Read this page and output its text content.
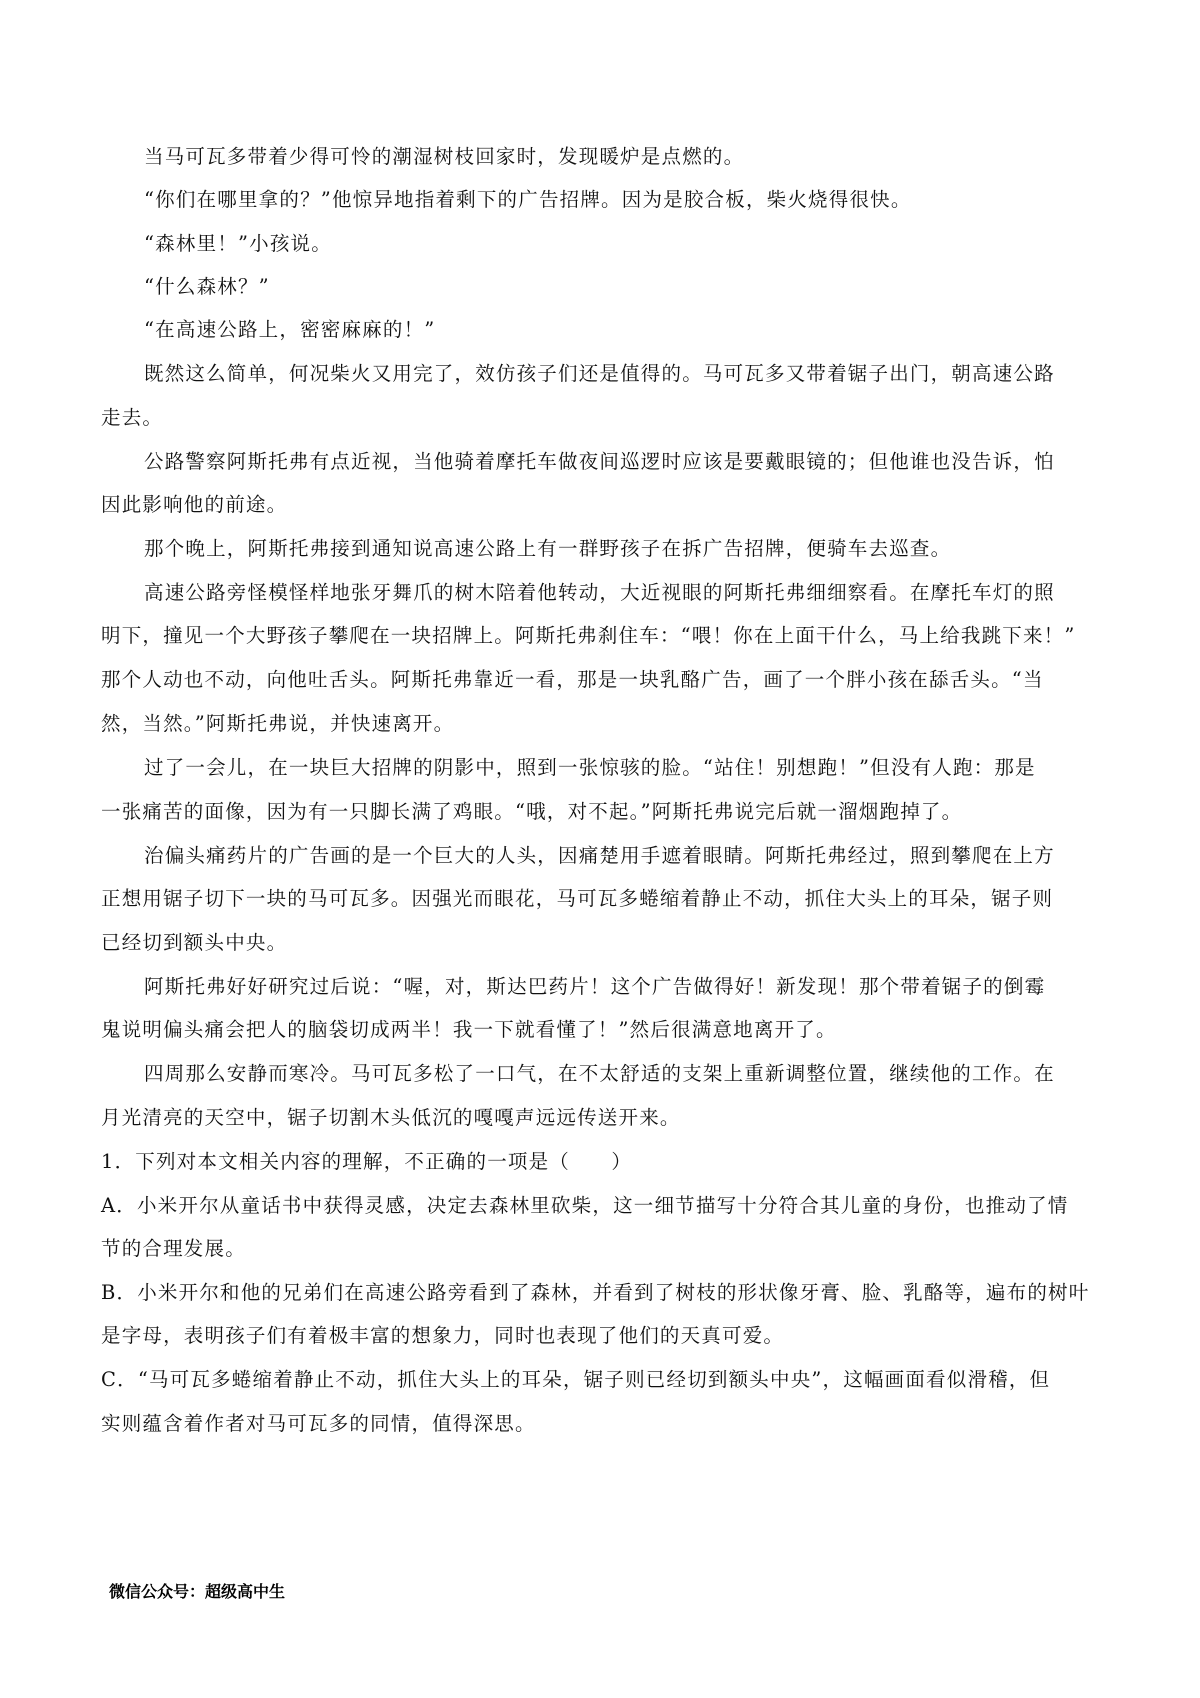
当马可瓦多带着少得可怜的潮湿树枝回家时，发现暖炉是点燃的。
“你们在哪里拿的？”他惊异地指着剩下的广告招牌。因为是胶合板，柴火烧得很快。
“森林里！”小孩说。
“什么森林？”
“在高速公路上，密密麻麻的！”
既然这么简单，何况柴火又用完了，效仿孩子们还是值得的。马可瓦多又带着锯子出门，朝高速公路
走去。
公路警察阿斯托弗有点近视，当他骑着摩托车做夜间巡逻时应该是要戴眼镜的；但他谁也没告诉，怕
因此影响他的前途。
那个晚上，阿斯托弗接到通知说高速公路上有一群野孩子在拆广告招牌，便骑车去巡查。
高速公路旁怪模怪样地张牙舞爪的树木陪着他转动，大近视眼的阿斯托弗细细察看。在摩托车灯的照
明下，撞见一个大野孩子攀爬在一块招牌上。阿斯托弗刹住车：“喂！你在上面干什么，马上给我跳下来！”
那个人动也不动，向他吐舌头。阿斯托弗靠近一看，那是一块乳酪广告，画了一个胖小孩在舔舌头。“当
然，当然。”阿斯托弗说，并快速离开。
过了一会儿，在一块巨大招牌的阴影中，照到一张惊骇的脸。“站住！别想跑！”但没有人跑：那是
一张痛苦的面像，因为有一只脚长满了鸡眼。“哦，对不起。”阿斯托弗说完后就一溜烟跑掉了。
治偏头痛药片的广告画的是一个巨大的人头，因痛楚用手遮着眼睛。阿斯托弗经过，照到攀爬在上方
正想用锯子切下一块的马可瓦多。因强光而眼花，马可瓦多蜷缩着静止不动，抓住大头上的耳朵，锯子则
已经切到额头中央。
阿斯托弗好好研究过后说：“喔，对，斯达巴药片！这个广告做得好！新发现！那个带着锯子的倒霉
鬼说明偏头痛会把人的脑袋切成两半！我一下就看懂了！”然后很满意地离开了。
四周那么安静而寒冷。马可瓦多松了一口气，在不太舒适的支架上重新调整位置，继续他的工作。在
月光清亮的天空中，锯子切割木头低沉的嘎嘎声远远传送开来。
1．下列对本文相关内容的理解，不正确的一项是（　　）
A．小米开尔从童话书中获得灵感，决定去森林里砍柴，这一细节描写十分符合其儿童的身份，也推动了情
节的合理发展。
B．小米开尔和他的兄弟们在高速公路旁看到了森林，并看到了树枝的形状像牙膏、脸、乳酪等，遍布的树叶
是字母，表明孩子们有着极丰富的想象力，同时也表现了他们的天真可爱。
C．“马可瓦多蜷缩着静止不动，抓住大头上的耳朵，锯子则已经切到额头中央”，这幅画面看似滑稽，但
实则蕴含着作者对马可瓦多的同情，值得深思。
微信公众号：超级高中生
